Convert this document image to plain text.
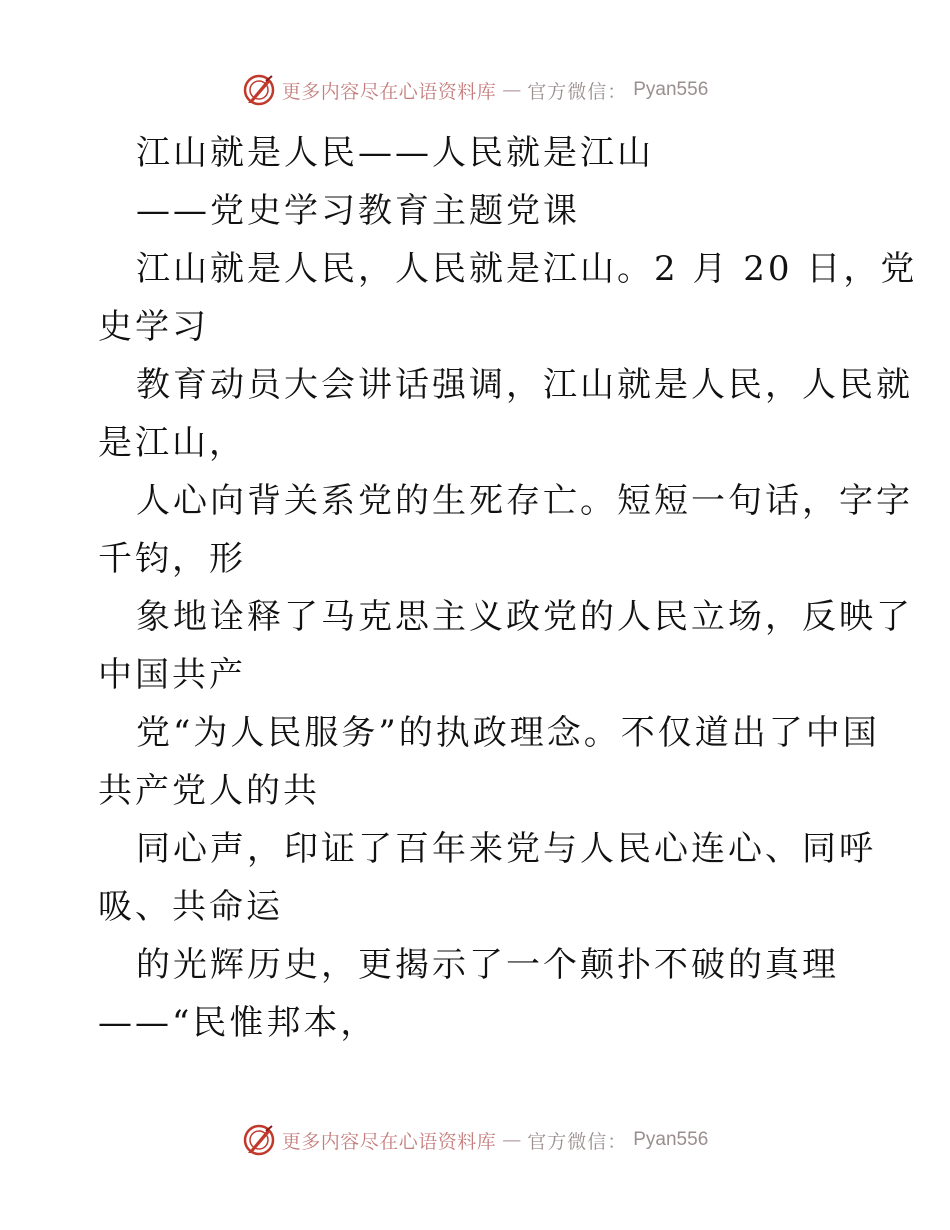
更多内容尽在心语资料库 — 官方微信： Pyan556
江山就是人民——人民就是江山
——党史学习教育主题党课
江山就是人民，人民就是江山。2 月 20 日，党
史学习
教育动员大会讲话强调，江山就是人民，人民就
是江山，
人心向背关系党的生死存亡。短短一句话，字字
千钧，形
象地诠释了马克思主义政党的人民立场，反映了
中国共产
党“为人民服务”的执政理念。不仅道出了中国
共产党人的共
同心声，印证了百年来党与人民心连心、同呼
吸、共命运
的光辉历史，更揭示了一个颠扑不破的真理
——“民惟邦本，
更多内容尽在心语资料库 — 官方微信： Pyan556
